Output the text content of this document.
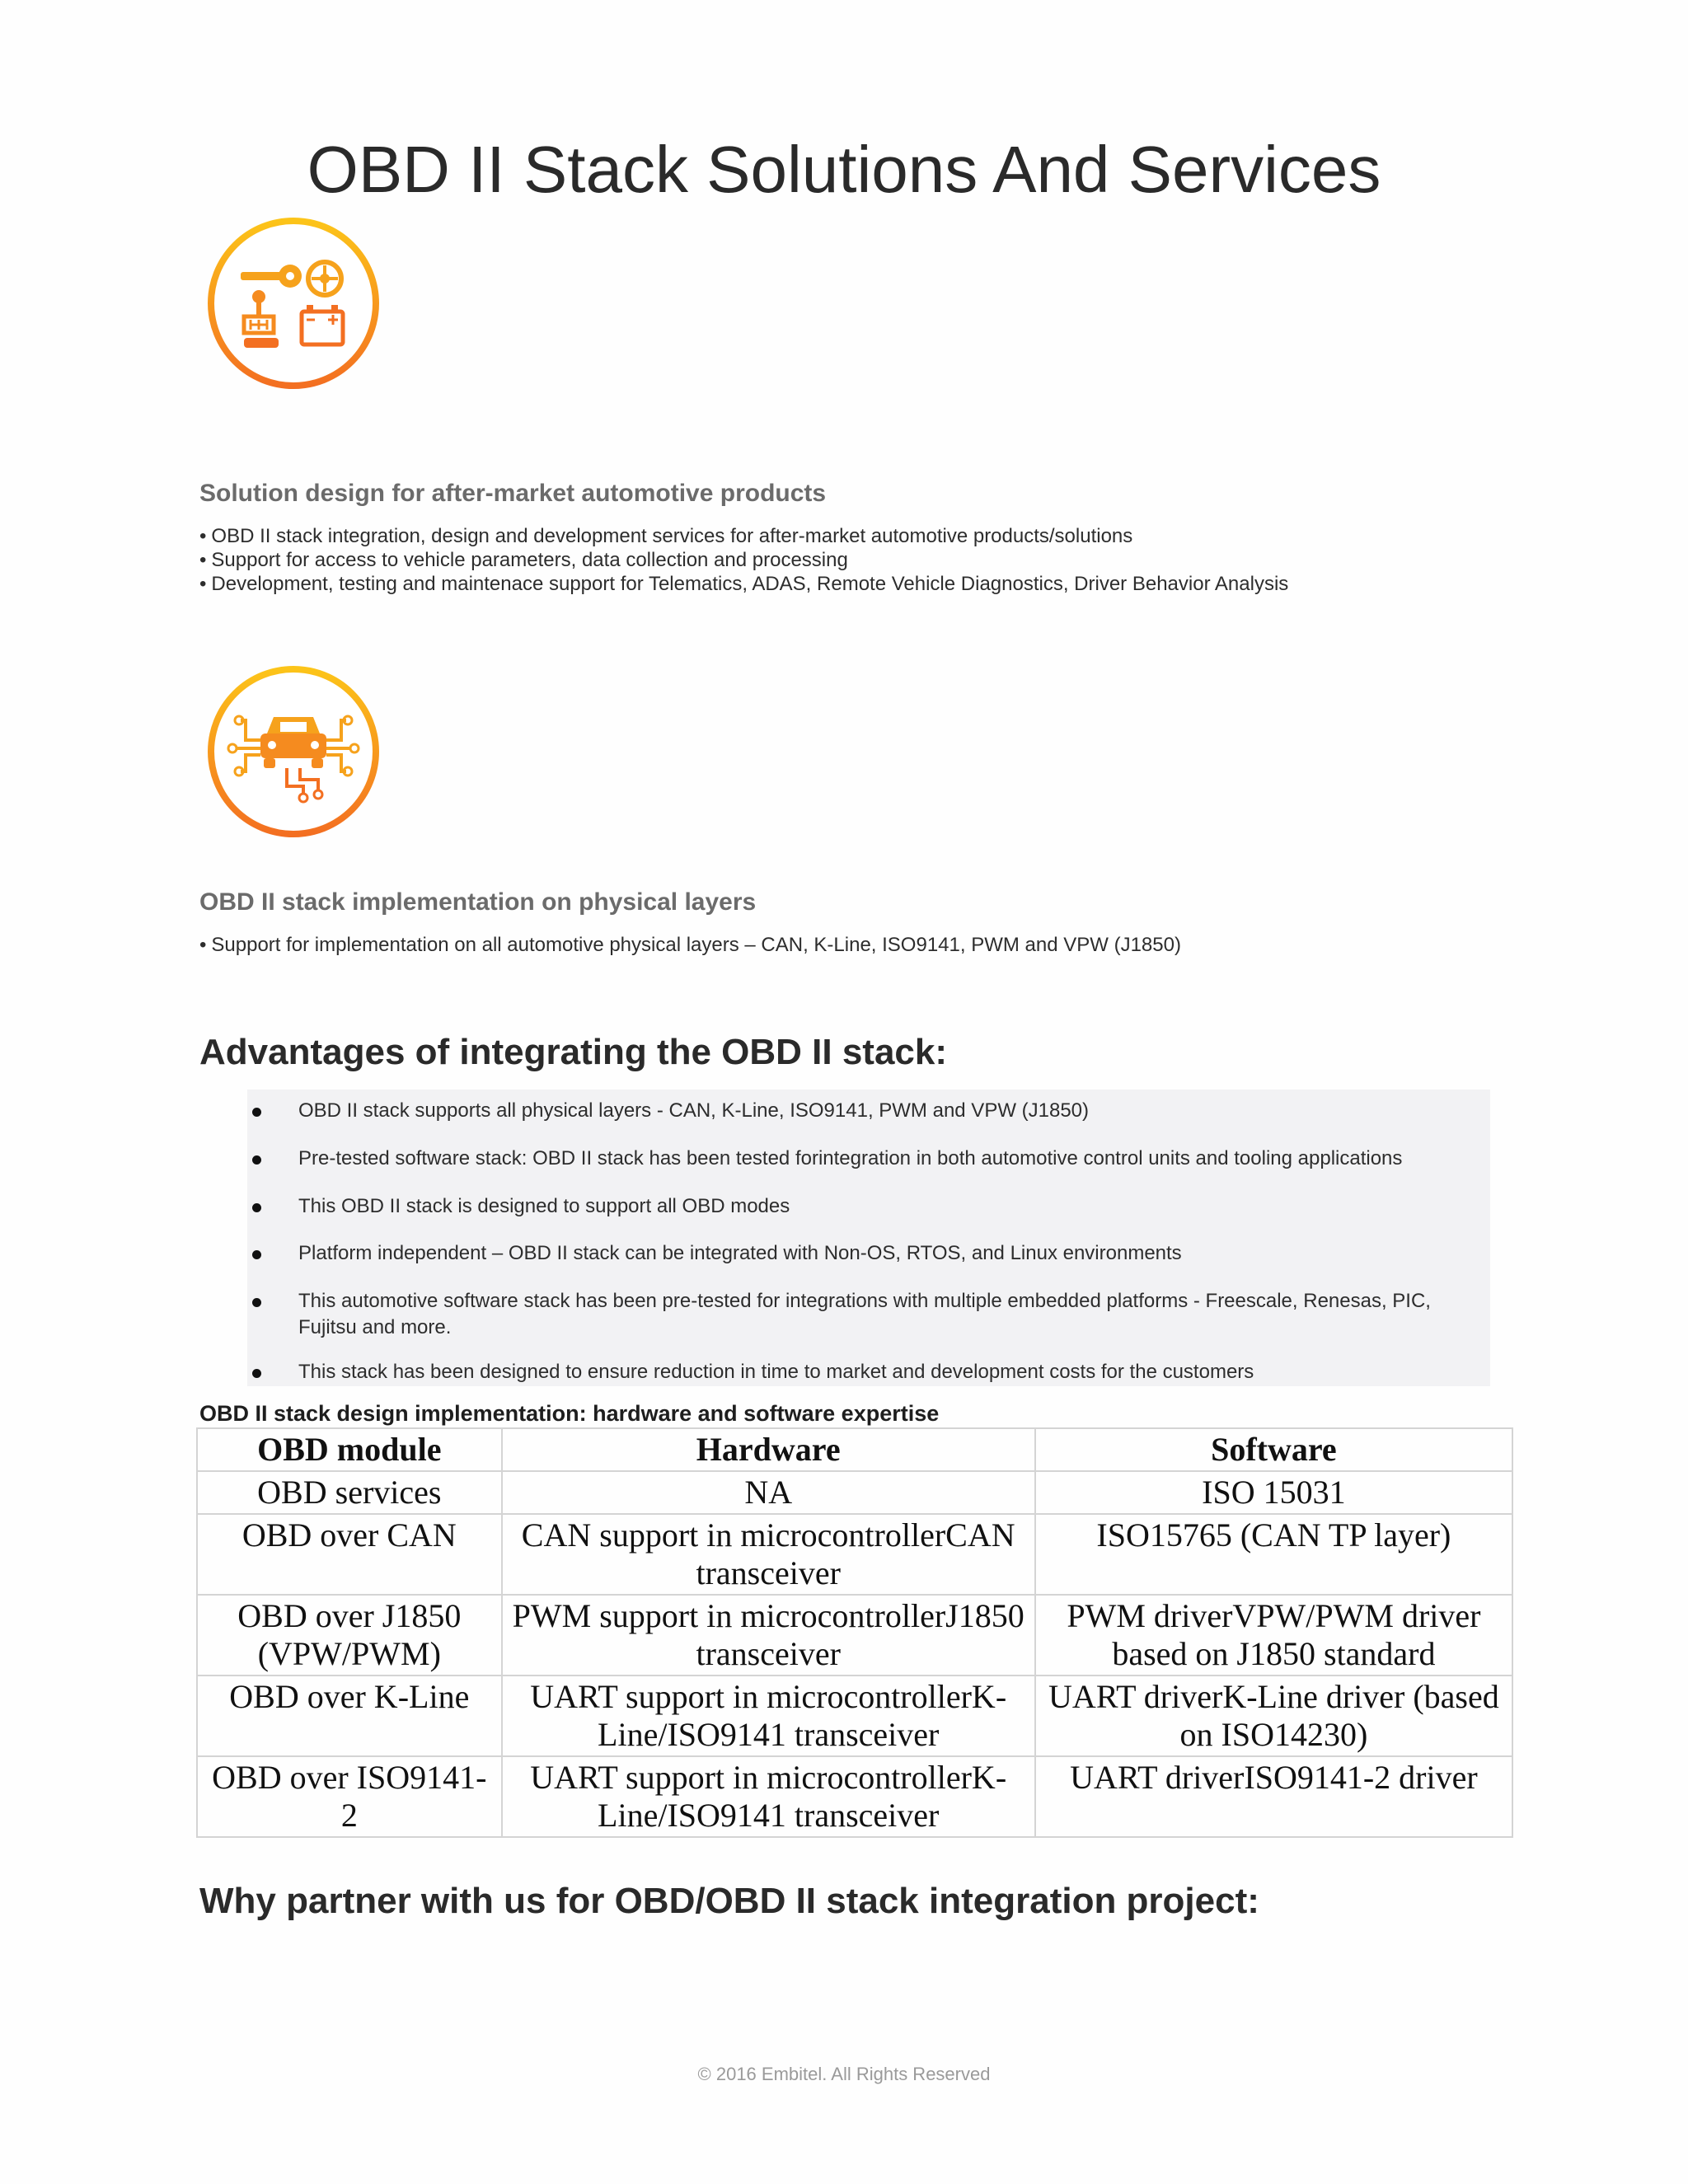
OBD II Stack Solutions And Services
Solution design for after-market automotive products
• OBD II stack integration, design and development services for after-market automotive products/solutions
• Support for access to vehicle parameters, data collection and processing
• Development, testing and maintenace support for Telematics, ADAS, Remote Vehicle Diagnostics, Driver Behavior Analysis
OBD II stack implementation on physical layers
• Support for implementation on all automotive physical layers – CAN, K-Line, ISO9141, PWM and VPW (J1850)
Advantages of integrating the OBD II stack:
OBD II stack supports all physical layers - CAN, K-Line, ISO9141, PWM and VPW (J1850)
Pre-tested software stack: OBD II stack has been tested forintegration in both automotive control units and tooling applications
This OBD II stack is designed to support all OBD modes
Platform independent – OBD II stack can be integrated with Non-OS, RTOS, and Linux environments
This automotive software stack has been pre-tested for integrations with multiple embedded platforms - Freescale, Renesas, PIC, Fujitsu and more.
This stack has been designed to ensure reduction in time to market and development costs for the customers
OBD II stack design implementation: hardware and software expertise
OBD module	Hardware	Software
OBD services	NA	ISO 15031
OBD over CAN	CAN support in microcontrollerCAN transceiver	ISO15765 (CAN TP layer)
OBD over J1850 (VPW/PWM)	PWM support in microcontrollerJ1850 transceiver	PWM driverVPW/PWM driver based on J1850 standard
OBD over K-Line	UART support in microcontrollerK-Line/ISO9141 transceiver	UART driverK-Line driver (based on ISO14230)
OBD over ISO9141-2	UART support in microcontrollerK-Line/ISO9141 transceiver	UART driverISO9141-2 driver
Why partner with us for OBD/OBD II stack integration project:
© 2016 Embitel. All Rights Reserved
